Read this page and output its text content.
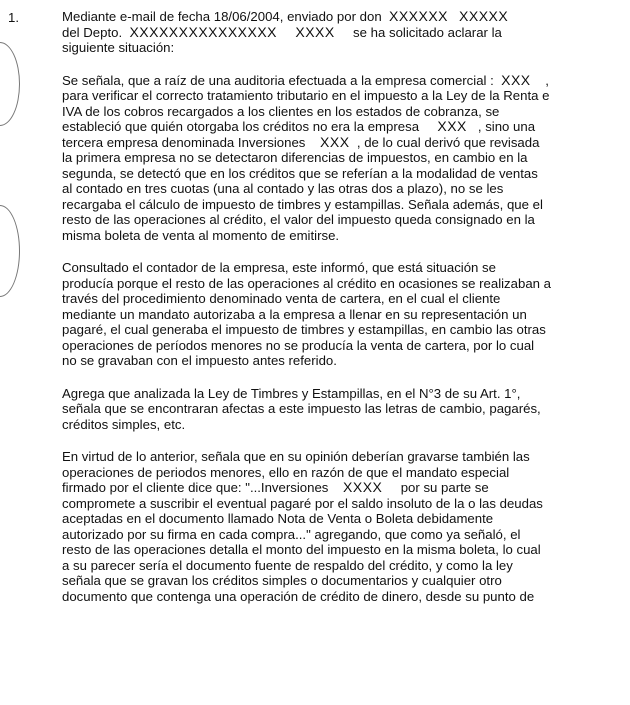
1.	Mediante e-mail de fecha 18/06/2004, enviado por don XXXXXX XXXXX
del Depto. XXXXXXXXXXXXXXX XXXX se ha solicitado aclarar la
siguiente situación:
Se señala, que a raíz de una auditoria efectuada a la empresa comercial : XXX ,
para verificar el correcto tratamiento tributario en el impuesto a la Ley de la Renta e
IVA de los cobros recargados a los clientes en los estados de cobranza, se
estableció que quién otorgaba los créditos no era la empresa XXX , sino una
tercera empresa denominada Inversiones XXX , de lo cual derivó que revisada
la primera empresa no se detectaron diferencias de impuestos, en cambio en la
segunda, se detectó que en los créditos que se referían a la modalidad de ventas
al contado en tres cuotas (una al contado y las otras dos a plazo), no se les
recargaba el cálculo de impuesto de timbres y estampillas. Señala además, que el
resto de las operaciones al crédito, el valor del impuesto queda consignado en la
misma boleta de venta al momento de emitirse.
Consultado el contador de la empresa, este informó, que está situación se
producía porque el resto de las operaciones al crédito en ocasiones se realizaban a
través del procedimiento denominado venta de cartera, en el cual el cliente
mediante un mandato autorizaba a la empresa a llenar en su representación un
pagaré, el cual generaba el impuesto de timbres y estampillas, en cambio las otras
operaciones de períodos menores no se producía la venta de cartera, por lo cual
no se gravaban con el impuesto antes referido.
Agrega que analizada la Ley de Timbres y Estampillas, en el N°3 de su Art. 1°,
señala que se encontraran afectas a este impuesto las letras de cambio, pagarés,
créditos simples, etc.
En virtud de lo anterior, señala que en su opinión deberían gravarse también las
operaciones de periodos menores, ello en razón de que el mandato especial
firmado por el cliente dice que: "...Inversiones XXXX por su parte se
compromete a suscribir el eventual pagaré por el saldo insoluto de la o las deudas
aceptadas en el documento llamado Nota de Venta o Boleta debidamente
autorizado por su firma en cada compra..." agregando, que como ya señaló, el
resto de las operaciones detalla el monto del impuesto en la misma boleta, lo cual
a su parecer sería el documento fuente de respaldo del crédito, y como la ley
señala que se gravan los créditos simples o documentarios y cualquier otro
documento que contenga una operación de crédito de dinero, desde su punto de
